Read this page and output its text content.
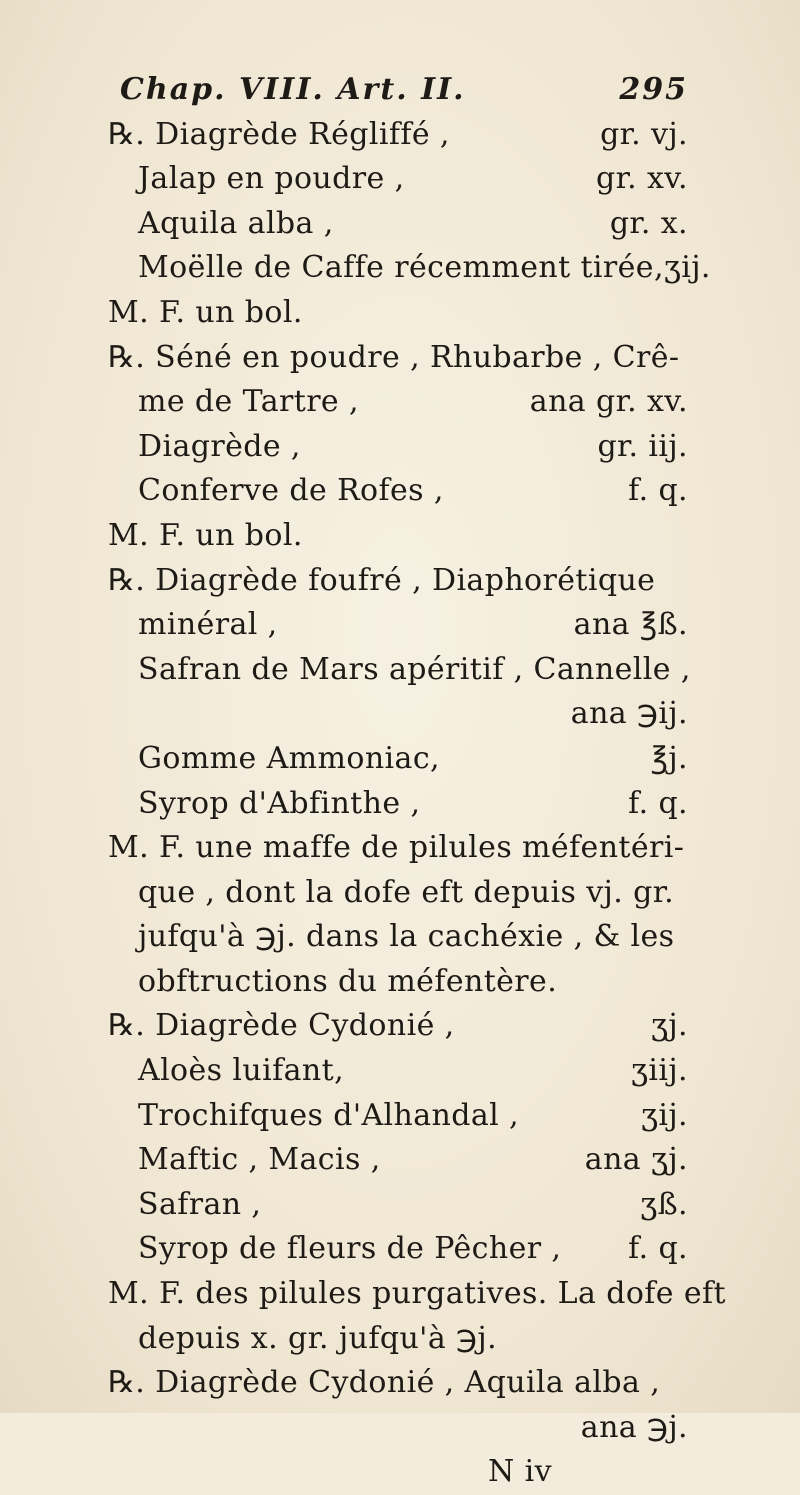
Chap. VIII. Art. II.	295
℞. Diagrède Régliffé ,	gr. vj.
Jalap en poudre ,	gr. xv.
Aquila alba ,	gr. x.
Moëlle de Caffe récemment tirée,ʒij.
M. F. un bol.
℞. Séné en poudre , Rhubarbe , Crê-
me de Tartre ,	ana gr. xv.
Diagrède ,	gr. iij.
Conferve de Rofes ,	f. q.
M. F. un bol.
℞. Diagrède foufré , Diaphorétique
minéral ,	ana ℥ß.
Safran de Mars apéritif , Cannelle ,
ana ℈ij.
Gomme Ammoniac,	℥j.
Syrop d'Abfinthe ,	f. q.
M. F. une maffe de pilules méfentéri-
que , dont la dofe eft depuis vj. gr.
jufqu'à ℈j. dans la cachéxie , & les
obftructions du méfentère.
℞. Diagrède Cydonié ,	ʒj.
Aloès luifant,	ʒiij.
Trochifques d'Alhandal ,	ʒij.
Maftic , Macis ,	ana ʒj.
Safran ,	ʒß.
Syrop de fleurs de Pêcher , f. q.
M. F. des pilules purgatives. La dofe eft
depuis x. gr. jufqu'à ℈j.
℞. Diagrède Cydonié , Aquila alba ,
ana ℈j.
N iv
